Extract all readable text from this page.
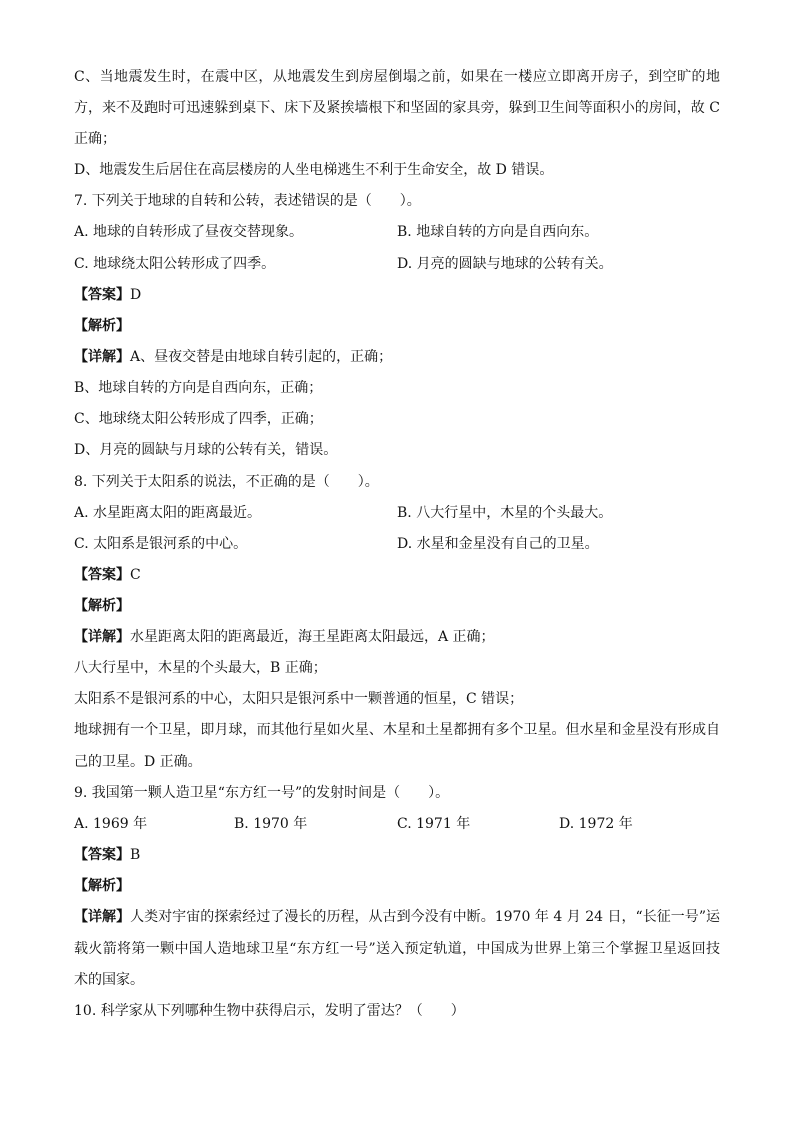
C、当地震发生时，在震中区，从地震发生到房屋倒塌之前，如果在一楼应立即离开房子，到空旷的地
方，来不及跑时可迅速躲到桌下、床下及紧挨墙根下和坚固的家具旁，躲到卫生间等面积小的房间，故 C
正确；
D、地震发生后居住在高层楼房的人坐电梯逃生不利于生命安全，故 D 错误。
7. 下列关于地球的自转和公转，表述错误的是（　　）。
A. 地球的自转形成了昼夜交替现象。	B. 地球自转的方向是自西向东。
C. 地球绕太阳公转形成了四季。	D. 月亮的圆缺与地球的公转有关。
【答案】D
【解析】
【详解】A、昼夜交替是由地球自转引起的，正确；
B、地球自转的方向是自西向东，正确；
C、地球绕太阳公转形成了四季，正确；
D、月亮的圆缺与月球的公转有关，错误。
8. 下列关于太阳系的说法，不正确的是（　　）。
A. 水星距离太阳的距离最近。	B. 八大行星中，木星的个头最大。
C. 太阳系是银河系的中心。	D. 水星和金星没有自己的卫星。
【答案】C
【解析】
【详解】水星距离太阳的距离最近，海王星距离太阳最远，A 正确；
八大行星中，木星的个头最大，B 正确；
太阳系不是银河系的中心，太阳只是银河系中一颗普通的恒星，C 错误；
地球拥有一个卫星，即月球，而其他行星如火星、木星和土星都拥有多个卫星。但水星和金星没有形成自
己的卫星。D 正确。
9. 我国第一颗人造卫星“东方红一号”的发射时间是（　　）。
A. 1969 年	B. 1970 年	C. 1971 年	D. 1972 年
【答案】B
【解析】
【详解】人类对宇宙的探索经过了漫长的历程，从古到今没有中断。1970 年 4 月 24 日，“长征一号”运
载火箭将第一颗中国人造地球卫星“东方红一号”送入预定轨道，中国成为世界上第三个掌握卫星返回技
术的国家。
10. 科学家从下列哪种生物中获得启示，发明了雷达？（　　）
